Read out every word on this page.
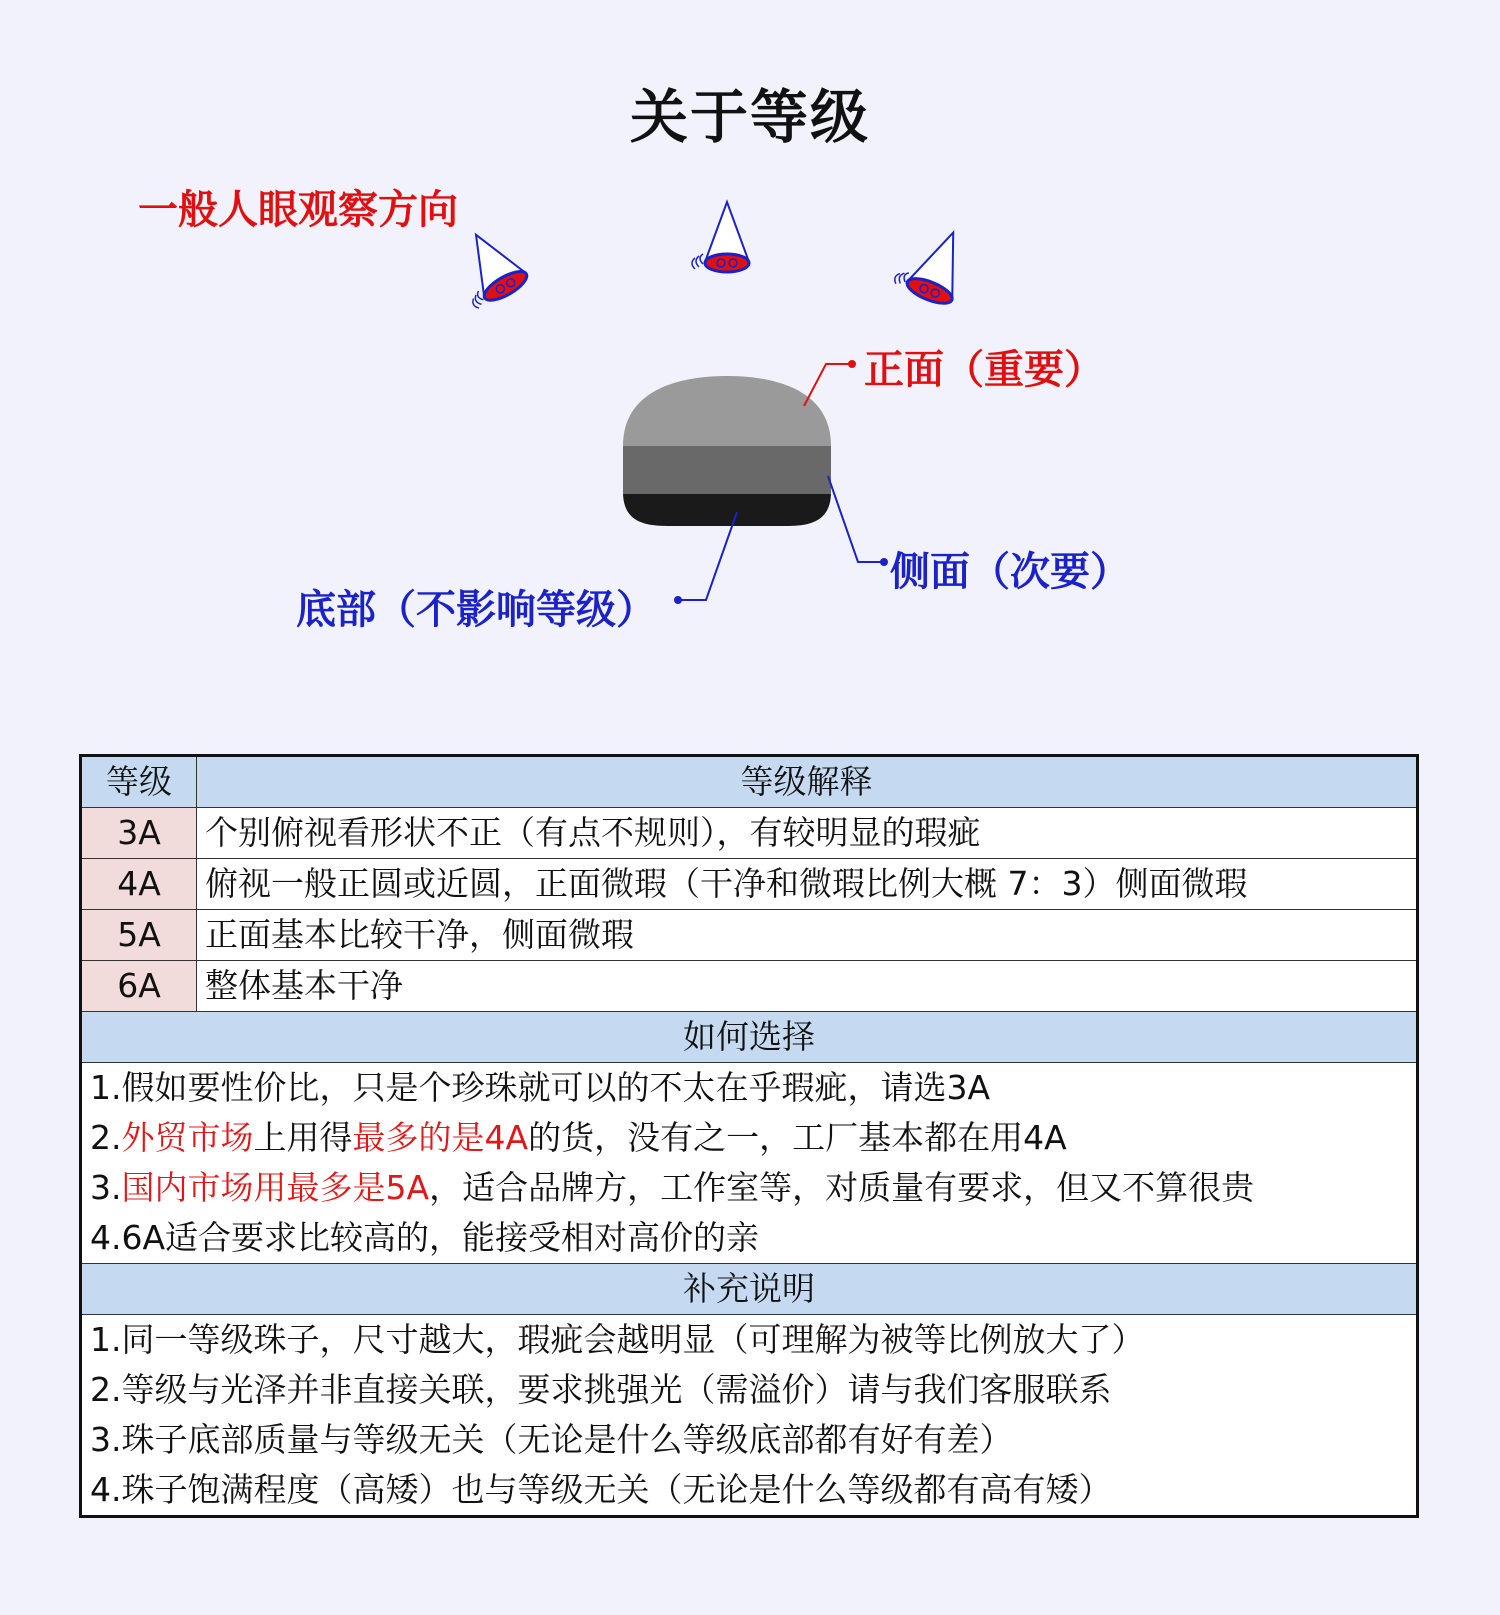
关于等级
一般人眼观察方向
正面（重要）
侧面（次要）
底部（不影响等级）
等级	等级解释
3A	个别俯视看形状不正（有点不规则），有较明显的瑕疵
4A	俯视一般正圆或近圆，正面微瑕（干净和微瑕比例大概 7：3）侧面微瑕
5A	正面基本比较干净，侧面微瑕
6A	整体基本干净
如何选择	
1.假如要性价比，只是个珍珠就可以的不太在乎瑕疵，请选3A	
2.外贸市场上用得最多的是4A的货，没有之一，工厂基本都在用4A	
3.国内市场用最多是5A，适合品牌方，工作室等，对质量有要求，但又不算很贵	
4.6A适合要求比较高的，能接受相对高价的亲	
补充说明	
1.同一等级珠子，尺寸越大，瑕疵会越明显（可理解为被等比例放大了）	
2.等级与光泽并非直接关联，要求挑强光（需溢价）请与我们客服联系	
3.珠子底部质量与等级无关（无论是什么等级底部都有好有差）	
4.珠子饱满程度（高矮）也与等级无关（无论是什么等级都有高有矮）	
